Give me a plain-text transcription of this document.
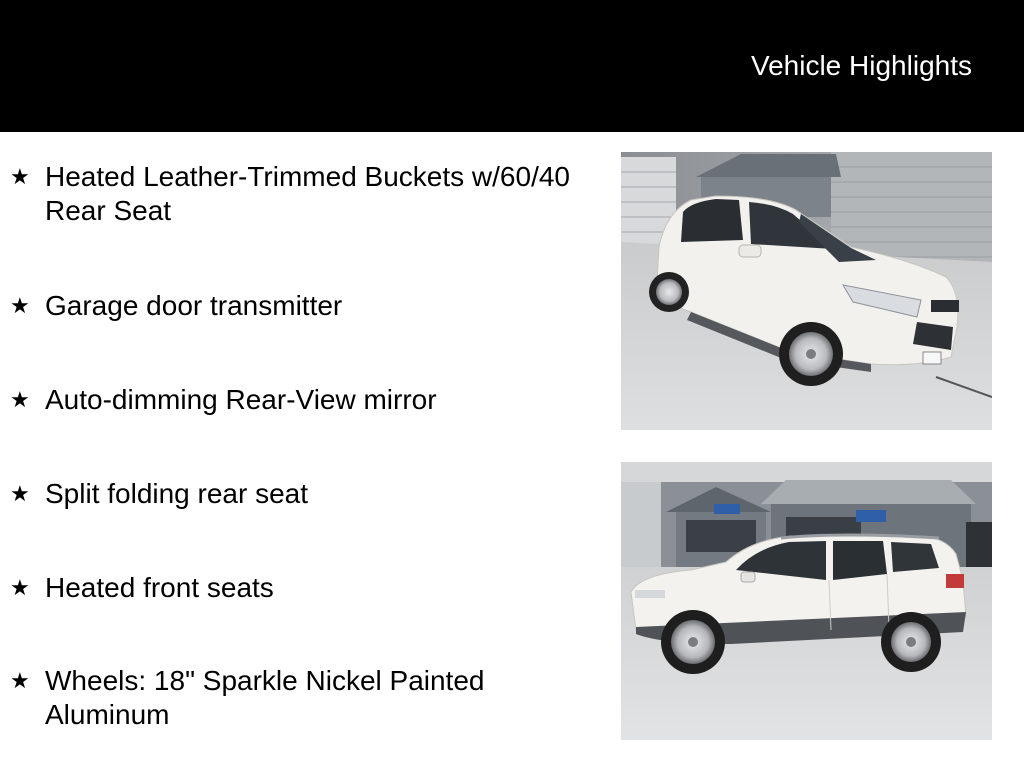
Vehicle Highlights
★ Heated Leather-Trimmed Buckets w/60/40 Rear Seat
★ Garage door transmitter
★ Auto-dimming Rear-View mirror
★ Split folding rear seat
★ Heated front seats
★ Wheels: 18" Sparkle Nickel Painted Aluminum
